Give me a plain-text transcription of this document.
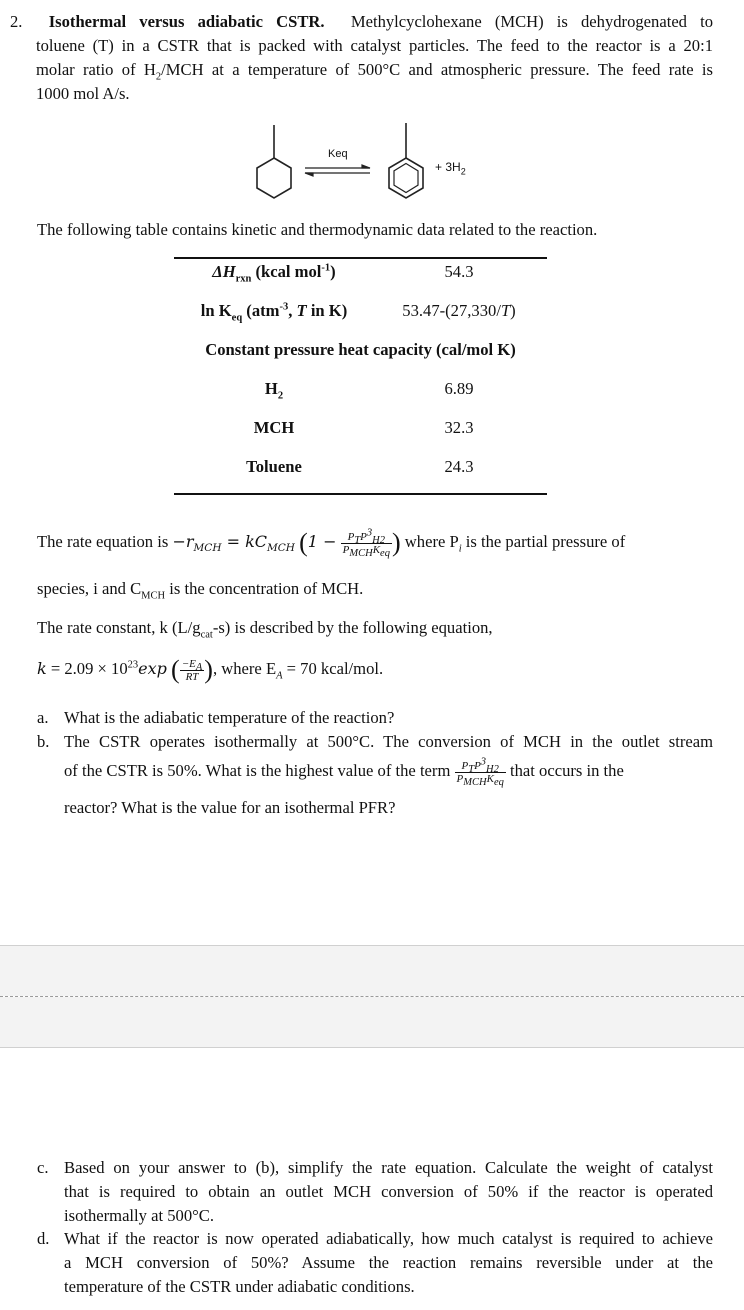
2. Isothermal versus adiabatic CSTR. Methylcyclohexane (MCH) is dehydrogenated to
toluene (T) in a CSTR that is packed with catalyst particles. The feed to the reactor is a 20:1
molar ratio of $H_2$/MCH at a temperature of 500°C and atmospheric pressure. The feed rate is
1000 mol A/s.
Keq
+ $3H_2$
The following table contains kinetic and thermodynamic data related to the reaction.
$\Delta H_{rxn}$ (kcal mol$^{-1}$)	54.3
$\ln K_{eq}$ (atm$^{-3}$, T in K)	53.47-(27,330/T)
Constant pressure heat capacity (cal/mol K)
$H_2$	6.89
MCH	32.3
Toluene	24.3
The rate equation is $-r_{MCH} = kC_{MCH}$ ($1 - \frac{P_TP^3_{H2}}{P_{MCH}K_{eq}}$ ) where $P_i$ is the partial pressure of
species, i and $C_{MCH}$ is the concentration of MCH.
The rate constant, k $(L/g_{cat}-s)$ is described by the following equation,
$k = 2.09 \times 10^{23}\exp$ ( $\frac{-E_A}{RT}$ ), where $E_A = 70$ kcal/mol.
a. What is the adiabatic temperature of the reaction?
b. The CSTR operates isothermally at 500°C. The conversion of MCH in the outlet stream
of the CSTR is 50%. What is the highest value of the term $\frac{P_TP^3_{H2}}{P_{MCH}K_{eq}}$ that occurs in the
reactor? What is the value for an isothermal PFR?
c. Based on your answer to (b), simplify the rate equation. Calculate the weight of catalyst
that is required to obtain an outlet MCH conversion of 50% if the reactor is operated
isothermally at 500°C.
d. What if the reactor is now operated adiabatically, how much catalyst is required to achieve
a MCH conversion of 50%? Assume the reaction remains reversible under at the
temperature of the CSTR under adiabatic conditions.
